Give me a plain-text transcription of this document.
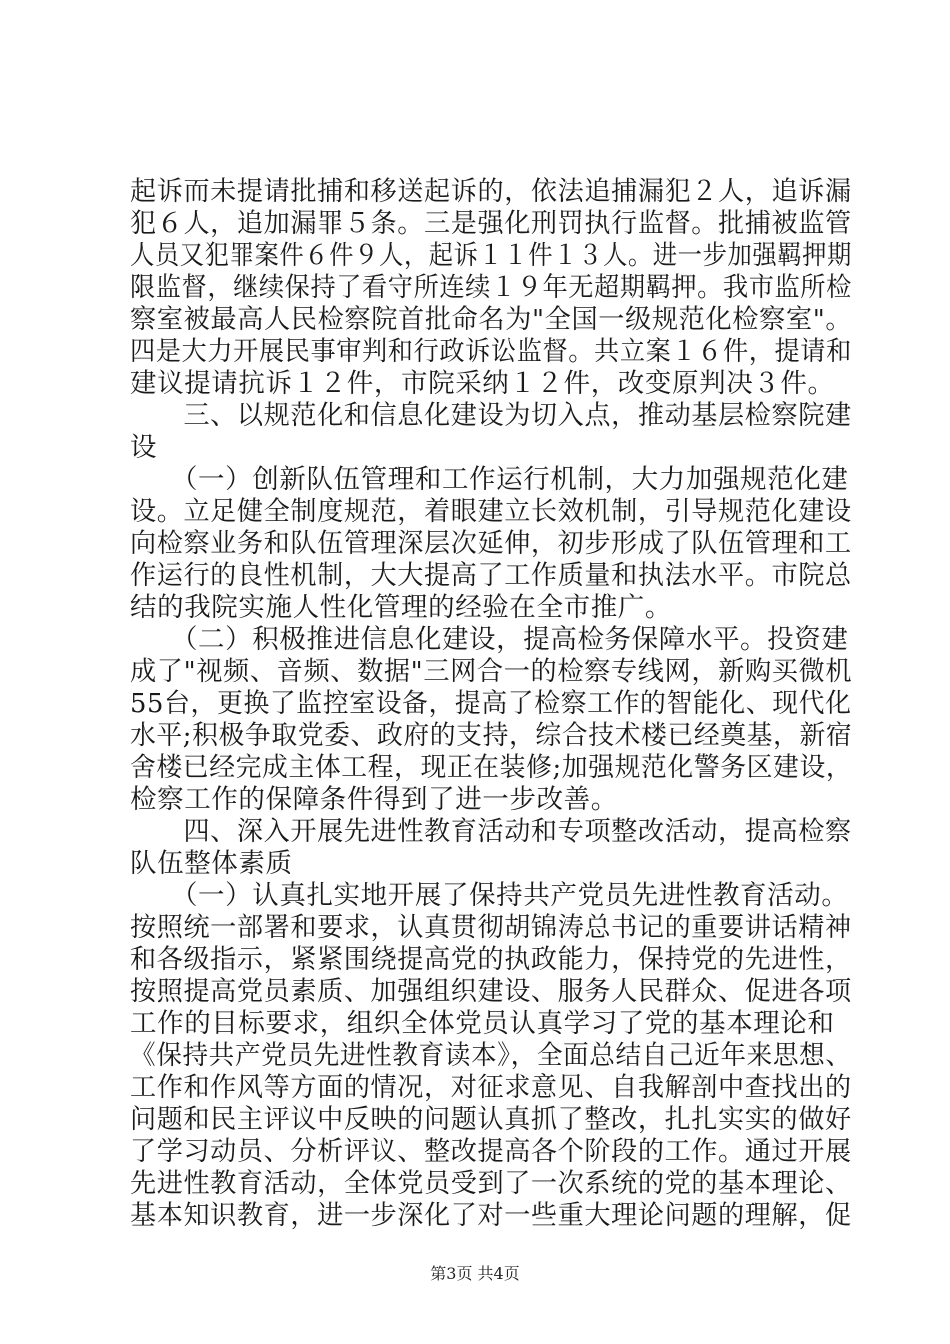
起诉而未提请批捕和移送起诉的，依法追捕漏犯２人，追诉漏
犯６人，追加漏罪５条。三是强化刑罚执行监督。批捕被监管
人员又犯罪案件６件９人，起诉１１件１３人。进一步加强羁押期
限监督，继续保持了看守所连续１９年无超期羁押。我市监所检
察室被最高人民检察院首批命名为"全国一级规范化检察室"。
四是大力开展民事审判和行政诉讼监督。共立案１６件，提请和
建议提请抗诉１２件，市院采纳１２件，改变原判决３件。
　　三、以规范化和信息化建设为切入点，推动基层检察院建
设
　　（一）创新队伍管理和工作运行机制，大力加强规范化建
设。立足健全制度规范，着眼建立长效机制，引导规范化建设
向检察业务和队伍管理深层次延伸，初步形成了队伍管理和工
作运行的良性机制，大大提高了工作质量和执法水平。市院总
结的我院实施人性化管理的经验在全市推广。
　　（二）积极推进信息化建设，提高检务保障水平。投资建
成了"视频、音频、数据"三网合一的检察专线网，新购买微机
55台，更换了监控室设备，提高了检察工作的智能化、现代化
水平;积极争取党委、政府的支持，综合技术楼已经奠基，新宿
舍楼已经完成主体工程，现正在装修;加强规范化警务区建设，
检察工作的保障条件得到了进一步改善。
　　四、深入开展先进性教育活动和专项整改活动，提高检察
队伍整体素质
　　（一）认真扎实地开展了保持共产党员先进性教育活动。
按照统一部署和要求，认真贯彻胡锦涛总书记的重要讲话精神
和各级指示，紧紧围绕提高党的执政能力，保持党的先进性，
按照提高党员素质、加强组织建设、服务人民群众、促进各项
工作的目标要求，组织全体党员认真学习了党的基本理论和
《保持共产党员先进性教育读本》，全面总结自己近年来思想、
工作和作风等方面的情况，对征求意见、自我解剖中查找出的
问题和民主评议中反映的问题认真抓了整改，扎扎实实的做好
了学习动员、分析评议、整改提高各个阶段的工作。通过开展
先进性教育活动，全体党员受到了一次系统的党的基本理论、
基本知识教育，进一步深化了对一些重大理论问题的理解，促
第3页 共4页
